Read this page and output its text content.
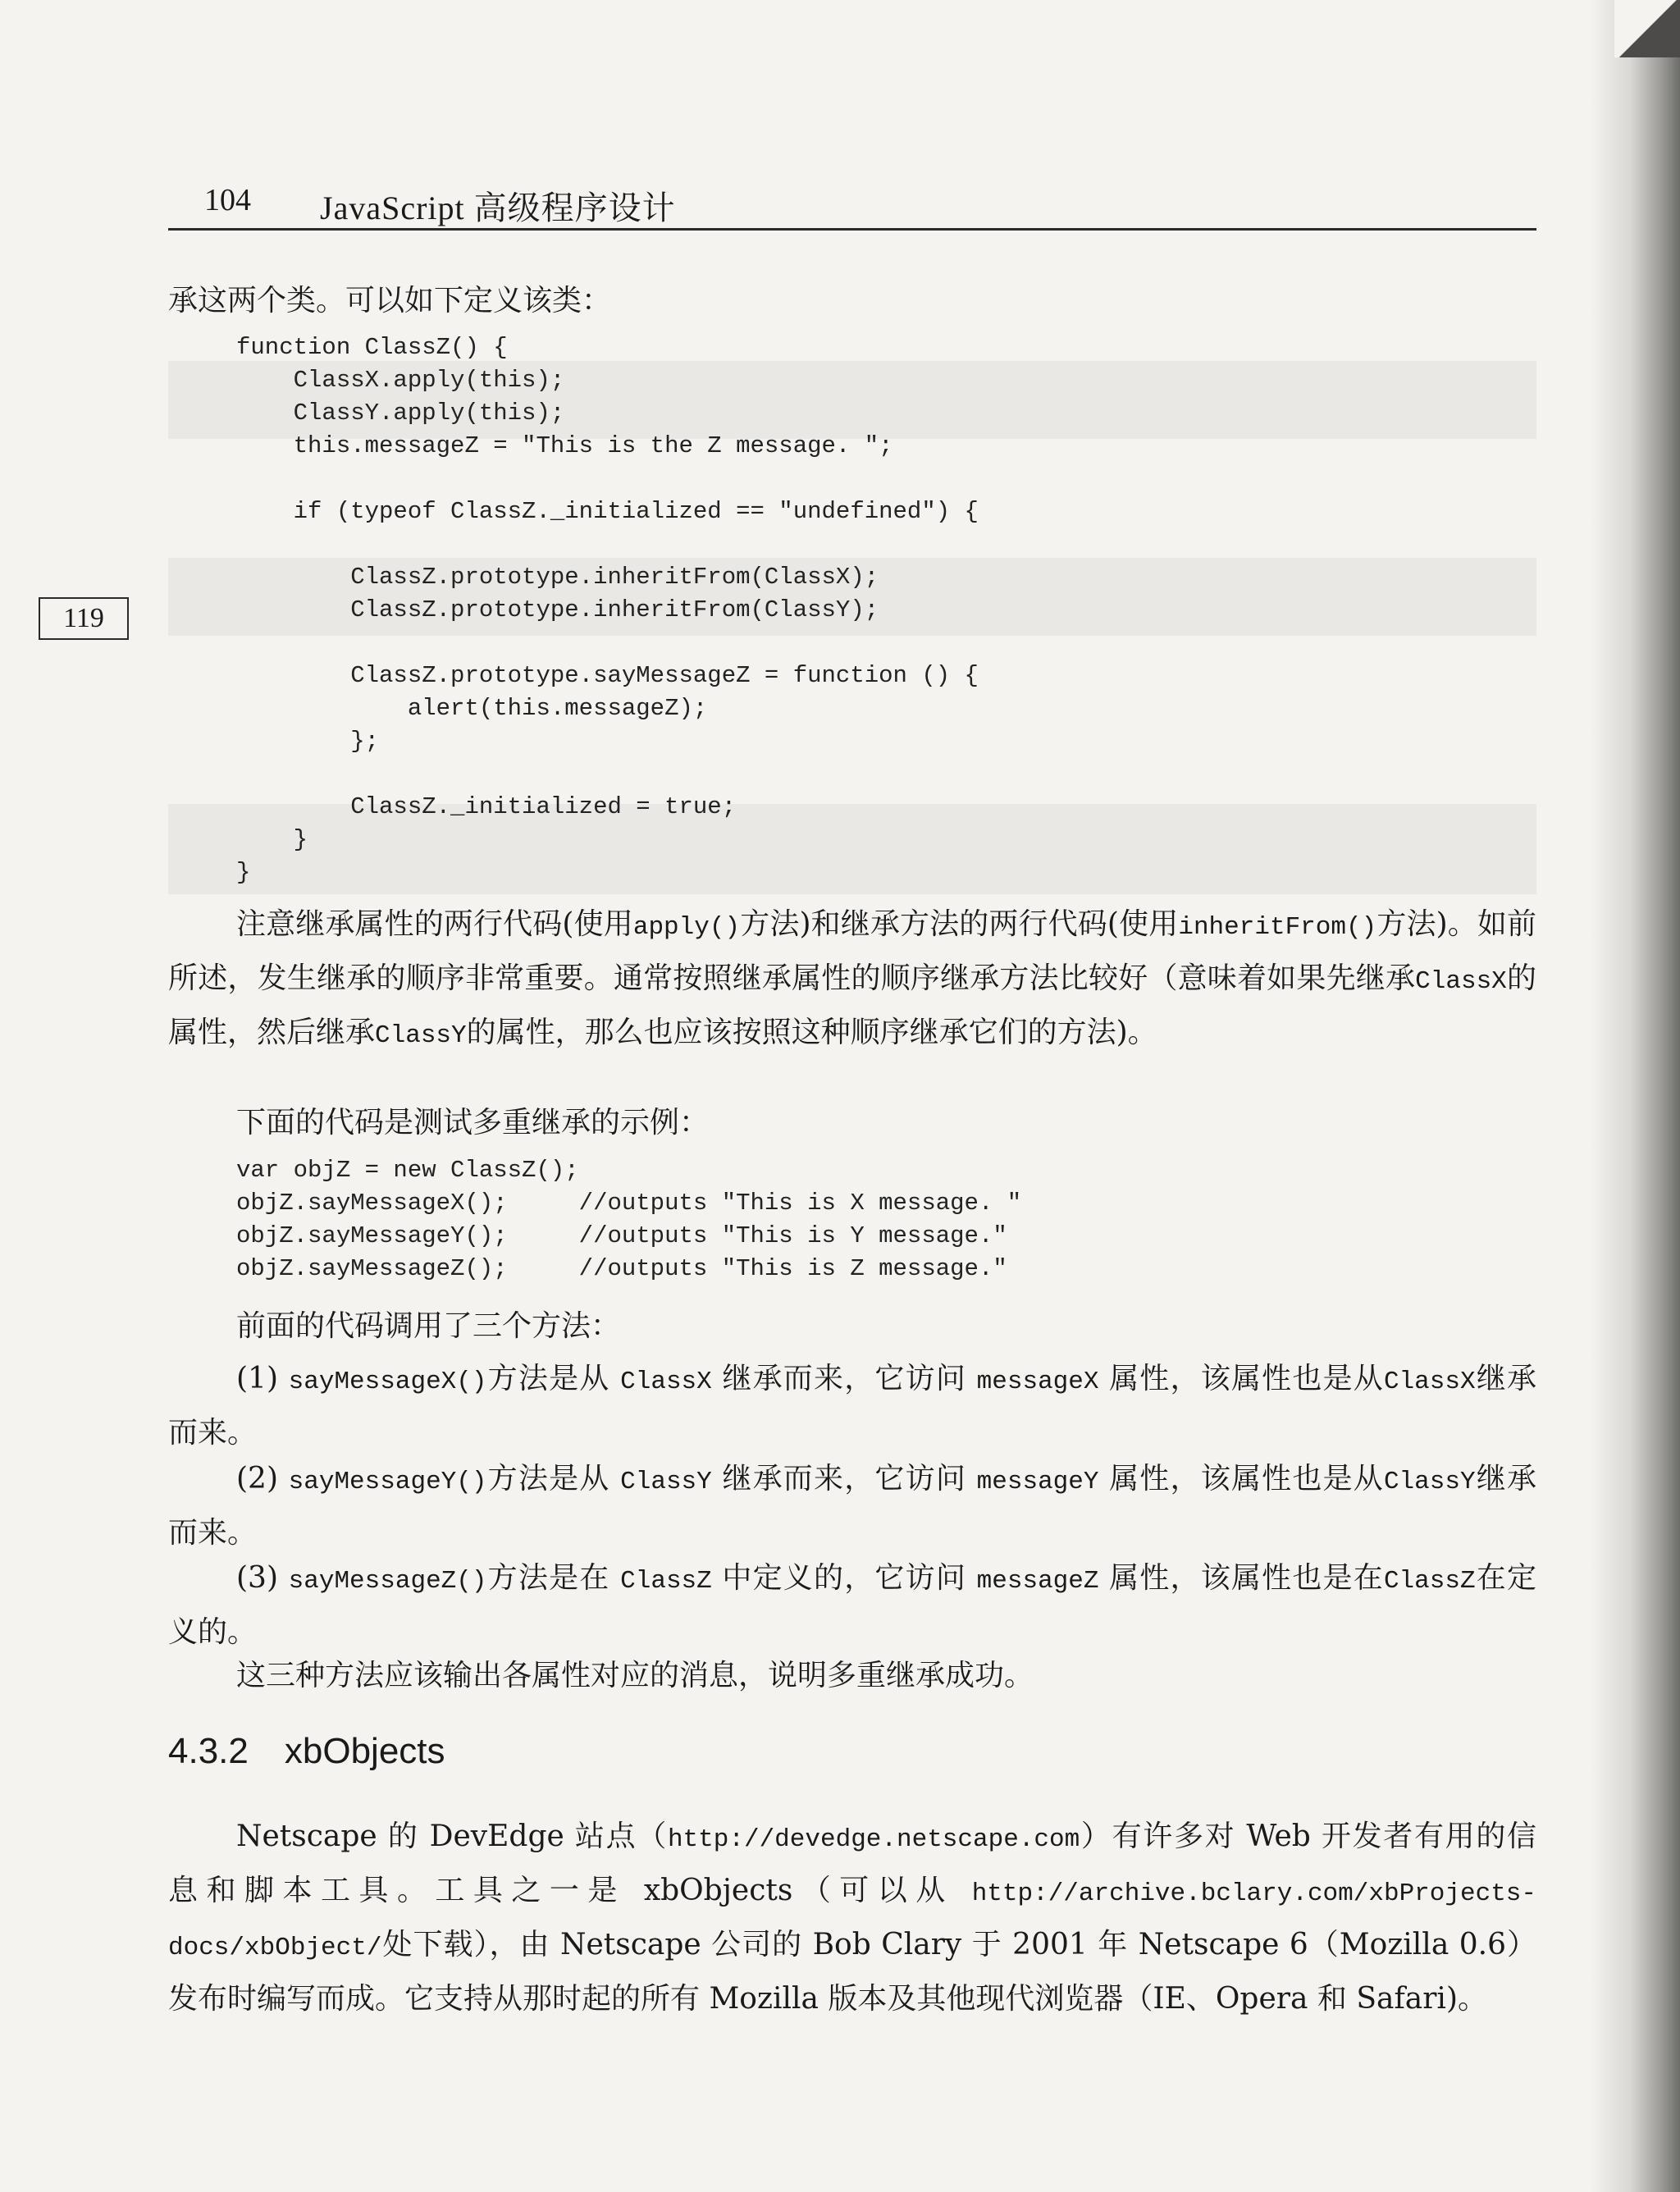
104 JavaScript 高级程序设计
119

承这两个类。可以如下定义该类：

function ClassZ() {
ClassX.apply(this);
ClassY.apply(this);
this.messageZ = "This is the Z message. ";

if (typeof ClassZ._initialized == "undefined") {

ClassZ.prototype.inheritFrom(ClassX);
ClassZ.prototype.inheritFrom(ClassY);

ClassZ.prototype.sayMessageZ = function () {
alert(this.messageZ);
};

ClassZ._initialized = true;
}
}

注意继承属性的两行代码(使用apply()方法)和继承方法的两行代码(使用inheritFrom()方法)。如前所述，发生继承的顺序非常重要。通常按照继承属性的顺序继承方法比较好（意味着如果先继承ClassX的属性，然后继承ClassY的属性，那么也应该按照这种顺序继承它们的方法)。

下面的代码是测试多重继承的示例：

var objZ = new ClassZ();
objZ.sayMessageX();     //outputs "This is X message. "
objZ.sayMessageY();     //outputs "This is Y message."
objZ.sayMessageZ();     //outputs "This is Z message."

前面的代码调用了三个方法：

(1) sayMessageX()方法是从 ClassX 继承而来，它访问 messageX 属性，该属性也是从ClassX继承而来。
(2) sayMessageY()方法是从 ClassY 继承而来，它访问 messageY 属性，该属性也是从ClassY继承而来。
(3) sayMessageZ()方法是在 ClassZ 中定义的，它访问 messageZ 属性，该属性也是在ClassZ在定义的。

这三种方法应该输出各属性对应的消息，说明多重继承成功。

4.3.2 xbObjects

Netscape 的 DevEdge 站点（http://devedge.netscape.com）有许多对 Web 开发者有用的信息和脚本工具。工具之一是 xbObjects（可以从 http://archive.bclary.com/xbProjects-docs/xbObject/处下载），由 Netscape 公司的 Bob Clary 于 2001 年 Netscape 6（Mozilla 0.6）发布时编写而成。它支持从那时起的所有 Mozilla 版本及其他现代浏览器（IE、Opera 和 Safari)。
